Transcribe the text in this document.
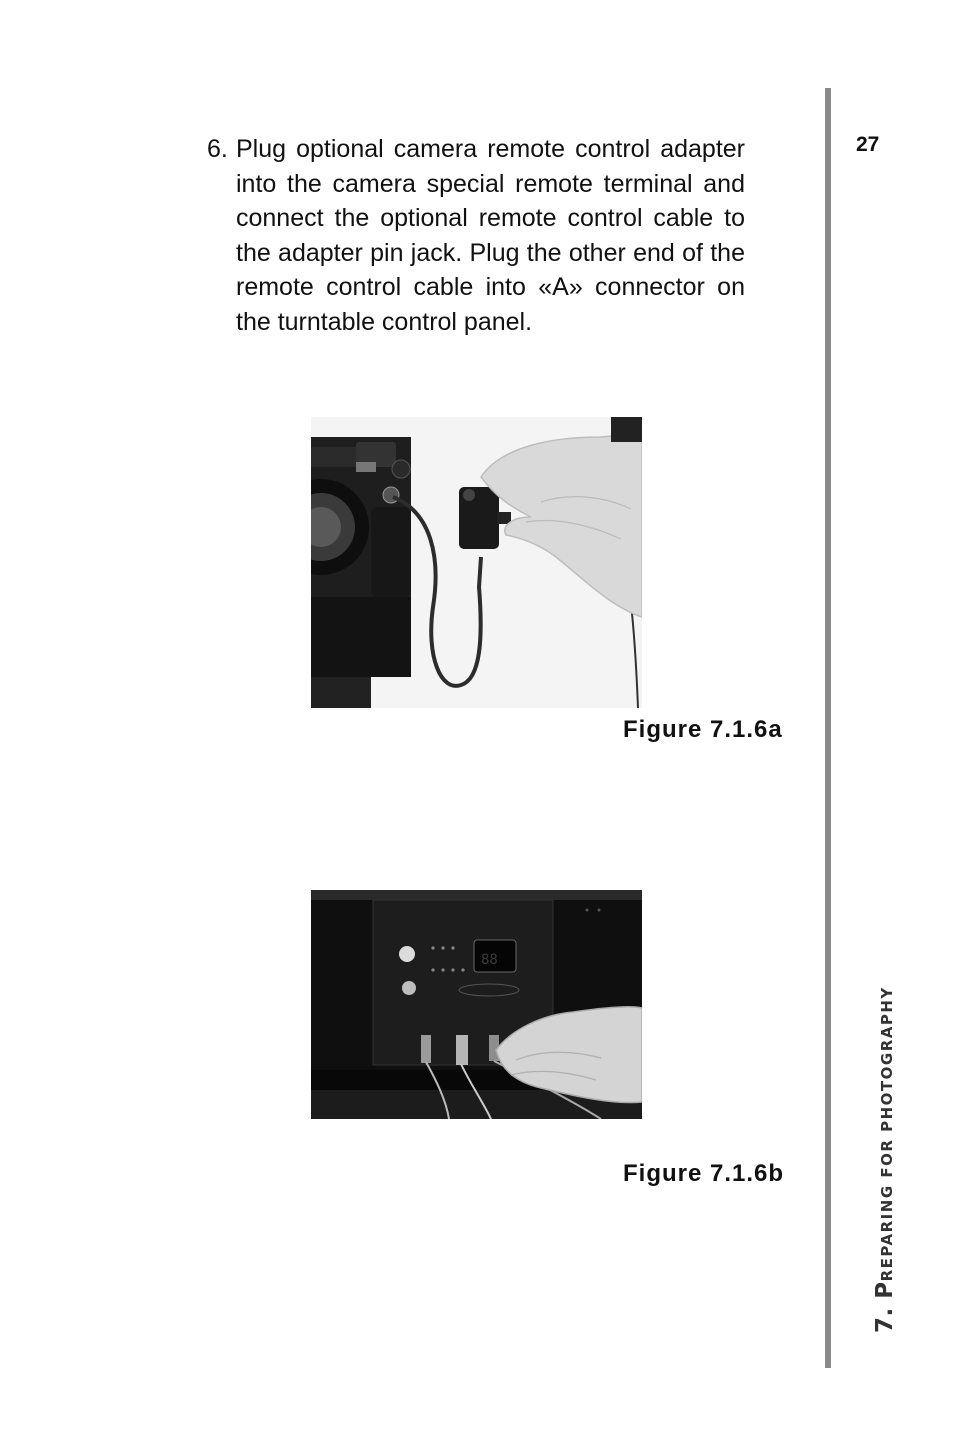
6. Plug optional camera remote control adapter into the camera special remote terminal and connect the optional remote control cable to the adapter pin jack. Plug the other end of the remote control cable into «A» connector on the turntable control panel.
27
7. PREPARING FOR PHOTOGRAPHY
Figure 7.1.6a
88
Figure 7.1.6b
